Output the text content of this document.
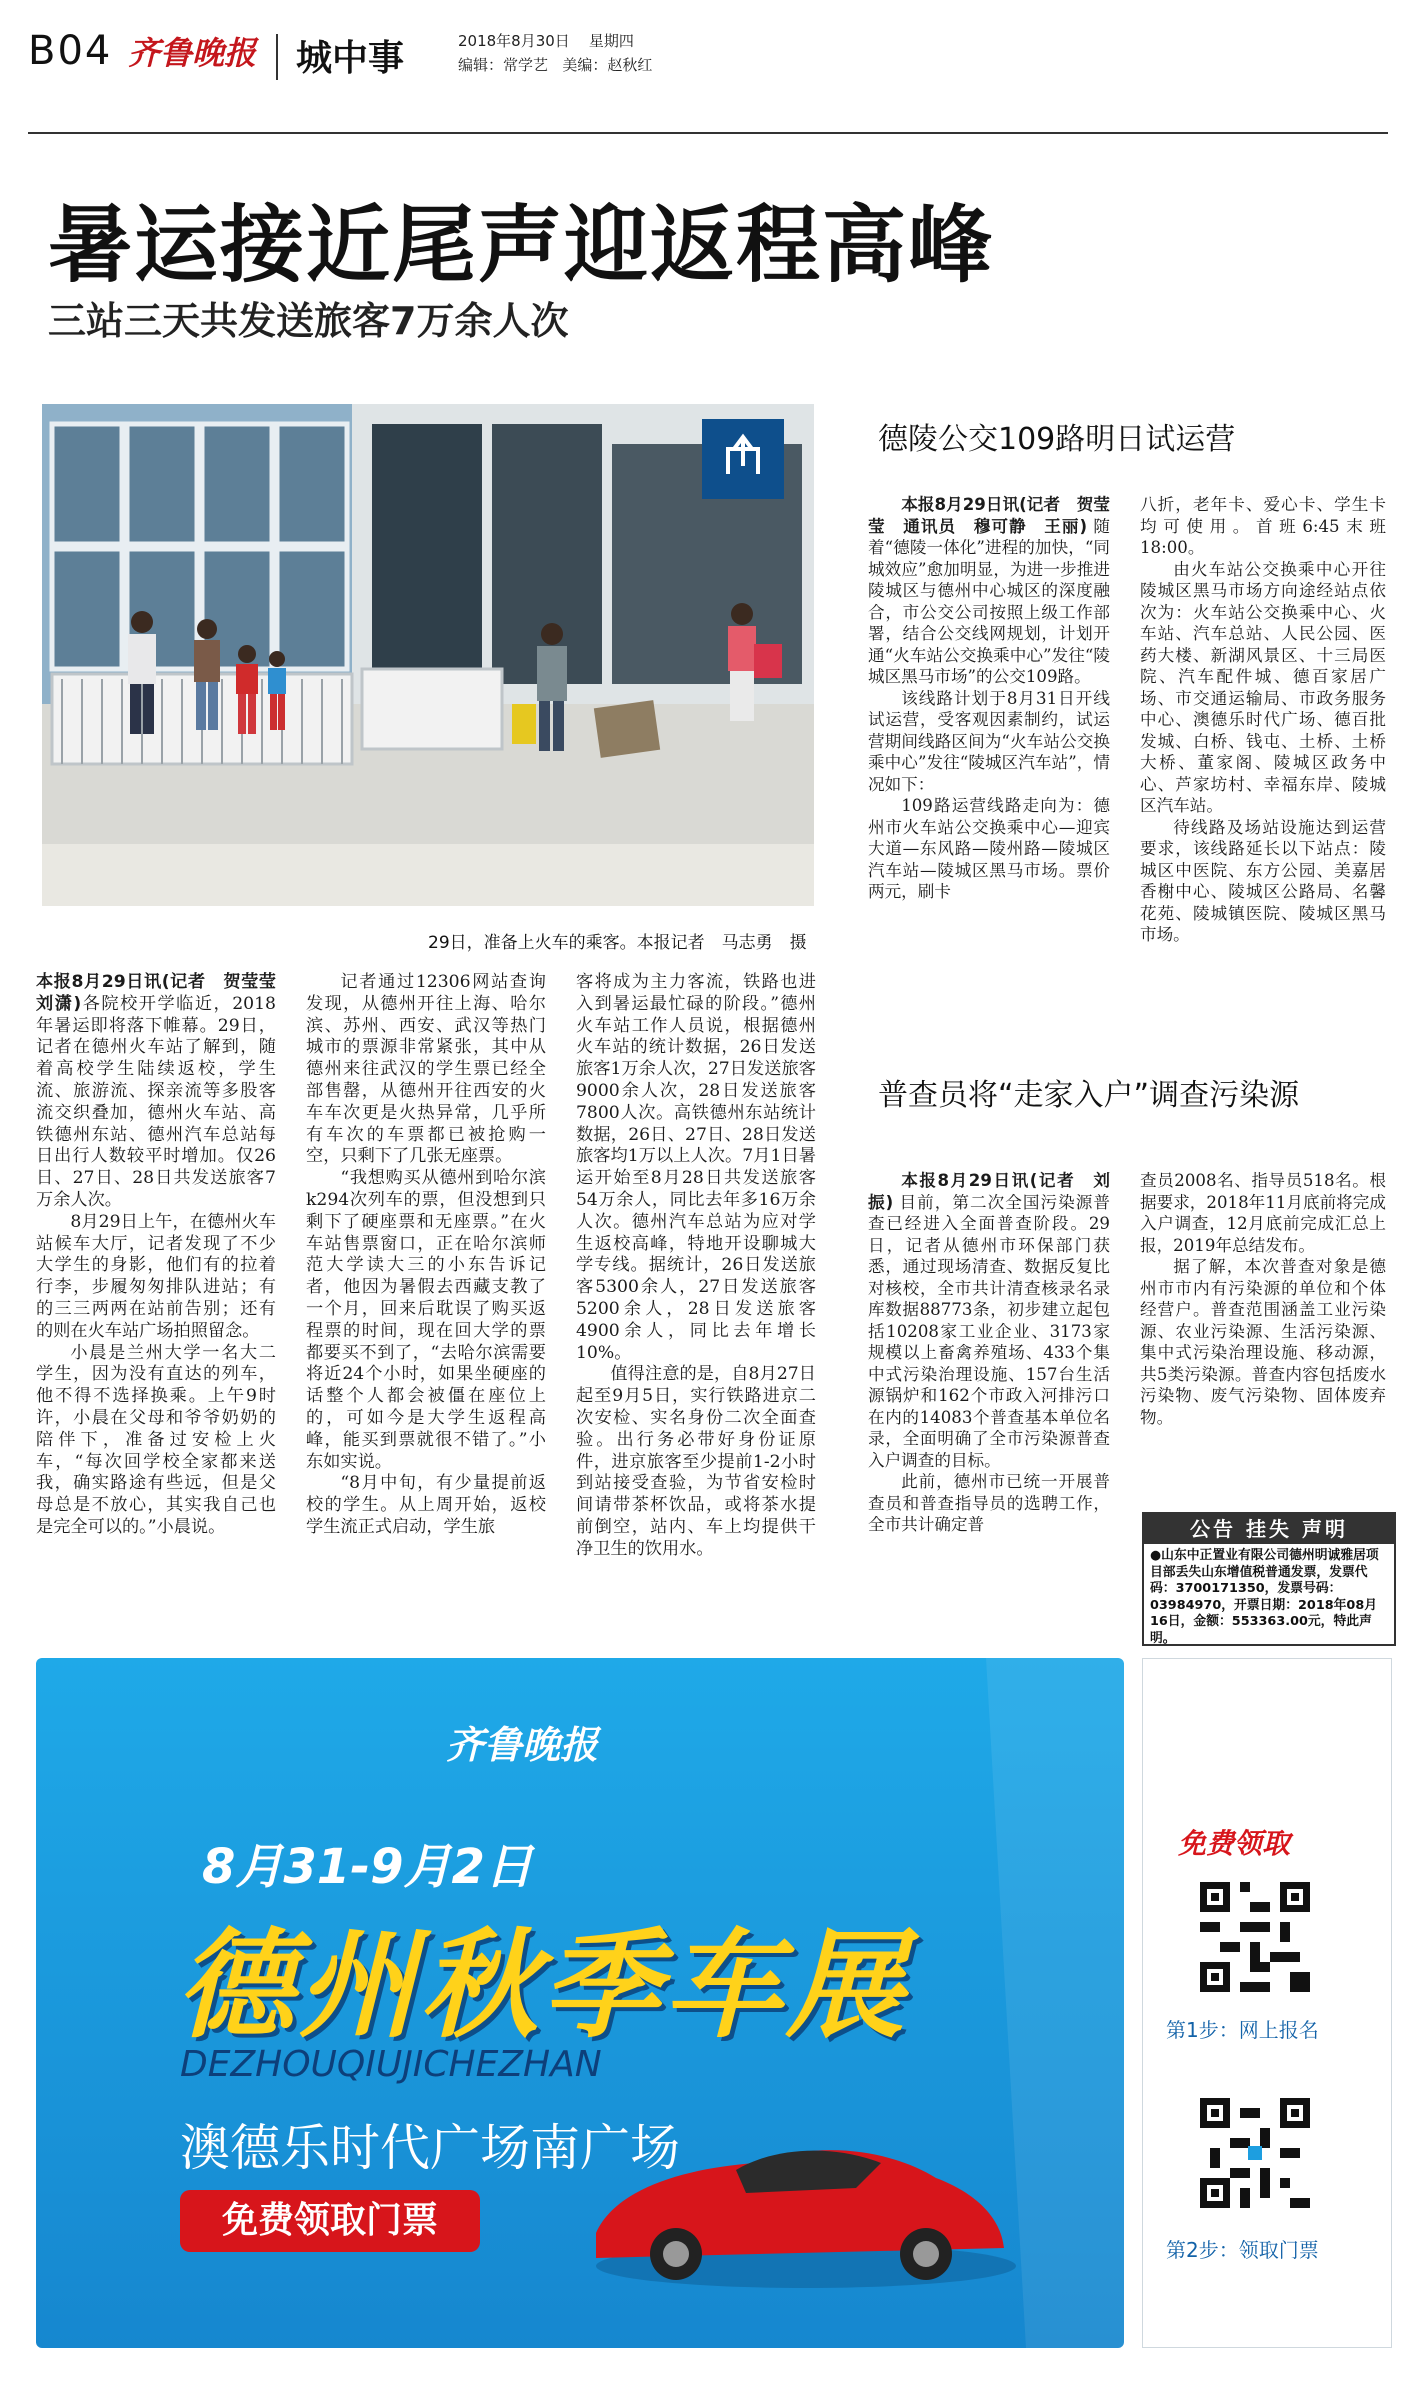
B04 齐鲁晚报 城中事	2018年8月30日 星期四
编辑：常学艺 美编：赵秋红
暑运接近尾声迎返程高峰
三站三天共发送旅客7万余人次
29日，准备上火车的乘客。本报记者　马志勇　摄

本报8月29日讯(记者　贺莹莹　刘潇)各院校开学临近，2018年暑运即将落下帷幕。29日，记者在德州火车站了解到，随着高校学生陆续返校，学生流、旅游流、探亲流等多股客流交织叠加，德州火车站、高铁德州东站、德州汽车总站每日出行人数较平时增加。仅26日、27日、28日共发送旅客7万余人次。

8月29日上午，在德州火车站候车大厅，记者发现了不少大学生的身影，他们有的拉着行李，步履匆匆排队进站；有的三三两两在站前告别；还有的则在火车站广场拍照留念。

小晨是兰州大学一名大二学生，因为没有直达的列车，他不得不选择换乘。上午9时许，小晨在父母和爷爷奶奶的陪伴下，准备过安检上火车，“每次回学校全家都来送我，确实路途有些远，但是父母总是不放心，其实我自己也是完全可以的。”小晨说。

记者通过12306网站查询发现，从德州开往上海、哈尔滨、苏州、西安、武汉等热门城市的票源非常紧张，其中从德州来往武汉的学生票已经全部售罄，从德州开往西安的火车车次更是火热异常，几乎所有车次的车票都已被抢购一空，只剩下了几张无座票。

“我想购买从德州到哈尔滨k294次列车的票，但没想到只剩下了硬座票和无座票。”在火车站售票窗口，正在哈尔滨师范大学读大三的小东告诉记者，他因为暑假去西藏支教了一个月，回来后耽误了购买返程票的时间，现在回大学的票都要买不到了，“去哈尔滨需要将近24个小时，如果坐硬座的话整个人都会被僵在座位上的，可如今是大学生返程高峰，能买到票就很不错了。”小东如实说。

“8月中旬，有少量提前返校的学生。从上周开始，返校学生流正式启动，学生旅

客将成为主力客流，铁路也进入到暑运最忙碌的阶段。”德州火车站工作人员说，根据德州火车站的统计数据，26日发送旅客1万余人次，27日发送旅客9000余人次，28日发送旅客7800人次。高铁德州东站统计数据，26日、27日、28日发送旅客均1万以上人次。7月1日暑运开始至8月28日共发送旅客54万余人，同比去年多16万余人次。德州汽车总站为应对学生返校高峰，特地开设聊城大学专线。据统计，26日发送旅客5300余人，27日发送旅客5200余人，28日发送旅客4900余人，同比去年增长10%。

值得注意的是，自8月27日起至9月5日，实行铁路进京二次安检、实名身份二次全面查验。出行务必带好身份证原件，进京旅客至少提前1-2小时到站接受查验，为节省安检时间请带茶杯饮品，或将茶水提前倒空，站内、车上均提供干净卫生的饮用水。

德陵公交109路明日试运营

本报8月29日讯(记者　贺莹莹　通讯员　穆可静　王丽) 随着“德陵一体化”进程的加快，“同城效应”愈加明显，为进一步推进陵城区与德州中心城区的深度融合，市公交公司按照上级工作部署，结合公交线网规划，计划开通“火车站公交换乘中心”发往“陵城区黑马市场”的公交109路。

该线路计划于8月31日开线试运营，受客观因素制约，试运营期间线路区间为“火车站公交换乘中心”发往“陵城区汽车站”，情况如下：

109路运营线路走向为：德州市火车站公交换乘中心—迎宾大道—东风路—陵州路—陵城区汽车站—陵城区黑马市场。票价两元，刷卡

八折，老年卡、爱心卡、学生卡均可使用。首班6:45末班18:00。

由火车站公交换乘中心开往陵城区黑马市场方向途经站点依次为：火车站公交换乘中心、火车站、汽车总站、人民公园、医药大楼、新湖风景区、十三局医院、汽车配件城、德百家居广场、市交通运输局、市政务服务中心、澳德乐时代广场、德百批发城、白桥、钱屯、土桥、土桥大桥、董家阁、陵城区政务中心、芦家坊村、幸福东岸、陵城区汽车站。

待线路及场站设施达到运营要求，该线路延长以下站点：陵城区中医院、东方公园、美嘉居香榭中心、陵城区公路局、名馨花苑、陵城镇医院、陵城区黑马市场。

普查员将“走家入户”调查污染源

本报8月29日讯(记者　刘振) 目前，第二次全国污染源普查已经进入全面普查阶段。29日，记者从德州市环保部门获悉，通过现场清查、数据反复比对核校，全市共计清查核录名录库数据88773条，初步建立起包括10208家工业企业、3173家规模以上畜禽养殖场、433个集中式污染治理设施、157台生活源锅炉和162个市政入河排污口在内的14083个普查基本单位名录，全面明确了全市污染源普查入户调查的目标。

此前，德州市已统一开展普查员和普查指导员的选聘工作，全市共计确定普

查员2008名、指导员518名。根据要求，2018年11月底前将完成入户调查，12月底前完成汇总上报，2019年总结发布。

据了解，本次普查对象是德州市市内有污染源的单位和个体经营户。普查范围涵盖工业污染源、农业污染源、生活污染源、集中式污染治理设施、移动源，共5类污染源。普查内容包括废水污染物、废气污染物、固体废弃物。

公告 挂失 声明
●山东中正置业有限公司德州明诚雅居项目部丢失山东增值税普通发票，发票代码：3700171350，发票号码：03984970，开票日期：2018年08月16日，金额：553363.00元，特此声明。
齐鲁晚报
8月31-9月2日
德州秋季车展
DEZHOUQIUJICHEZHAN
澳德乐时代广场南广场
免费领取门票
免费领取
第1步：网上报名
第2步：领取门票
